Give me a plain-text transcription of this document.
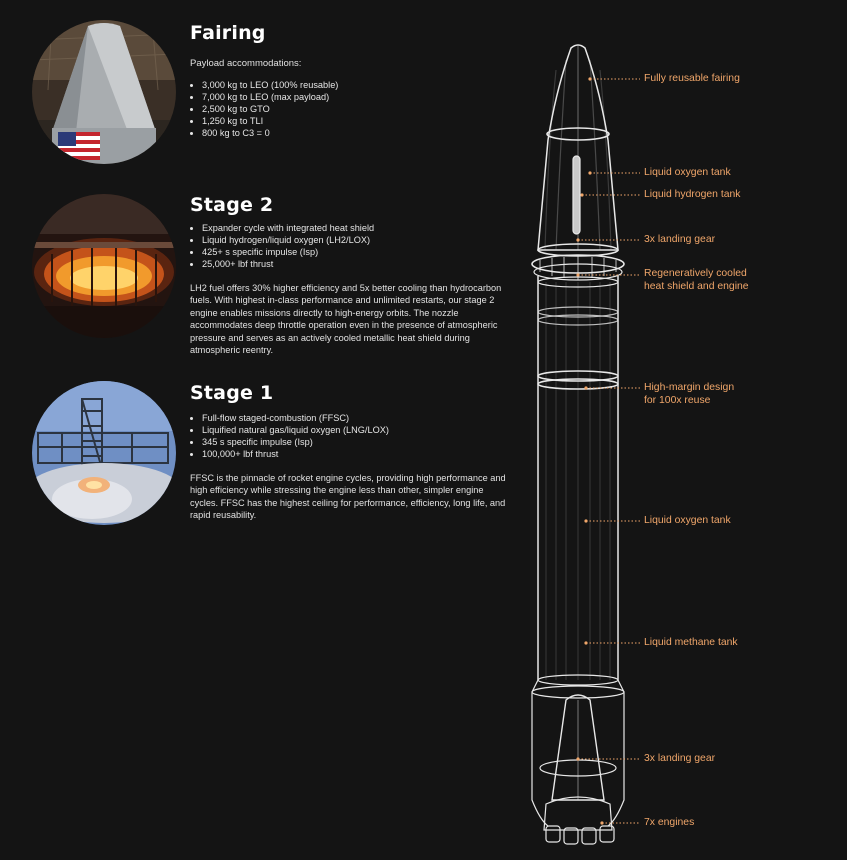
Fairing
Payload accommodations:
• 3,000 kg to LEO (100% reusable)
• 7,000 kg to LEO (max payload)
• 2,500 kg to GTO
• 1,250 kg to TLI
• 800 kg to C3 = 0
Stage 2
• Expander cycle with integrated heat shield
• Liquid hydrogen/liquid oxygen (LH2/LOX)
• 425+ s specific impulse (Isp)
• 25,000+ lbf thrust

LH2 fuel offers 30% higher efficiency and 5x better cooling than hydrocarbon fuels. With highest in-class performance and unlimited restarts, our stage 2 engine enables missions directly to high-energy orbits. The nozzle accommodates deep throttle operation even in the presence of atmospheric pressure and serves as an actively cooled metallic heat shield during atmospheric reentry.

Stage 1
• Full-flow staged-combustion (FFSC)
• Liquified natural gas/liquid oxygen (LNG/LOX)
• 345 s specific impulse (Isp)
• 100,000+ lbf thrust

FFSC is the pinnacle of rocket engine cycles, providing high performance and high efficiency while stressing the engine less than other, simpler engine cycles. FFSC has the highest ceiling for performance, efficiency, long life, and rapid reusability.

Fully reusable fairing
Liquid oxygen tank
Liquid hydrogen tank
3x landing gear
Regeneratively cooled
heat shield and engine
High-margin design
for 100x reuse
Liquid oxygen tank
Liquid methane tank
3x landing gear
7x engines
